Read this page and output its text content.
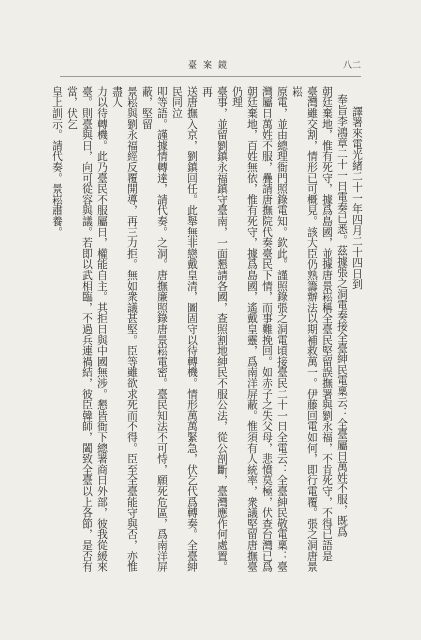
臺案鏡	八二
譯署來電光緒二十一年四月二十四日到
奉旨李鴻章二十一日電奏已悉。茲據張之洞電奏接全臺紳民電稟云：全臺屬日萬姓不服，既爲
朝廷棄地，惟有死守，據爲島國，並據唐景崧稱全臺民堅留誤撫署與劉永福，不肯死守，不得已語是
臺灣雖交割，情形已可概見。該大臣仍熟籌辦法以期補救萬一。伊藤回電如何，即行電覆。張之洞唐景崧
原電，並由總理衙門照錄電知。欽此。謹照錄張之洞電頃接臺民二十一日全電云：全臺紳民敬電稟：臺
灣屬日萬姓不服，疊請唐撫院代奏臺民下情，而事難挽回。如赤子之失父母，悲憤莫極，伏查台灣已爲
朝廷棄地，百姓無依，惟有死守，據爲島國，遙戴皇靈，爲南洋屏蔽。惟須有人統率，衆議堅留唐撫臺仍理
臺事，並留劉鎮永福鎮守臺南，一面懇請各國，查照割地紳民不服公法，從公剖斷，臺灣應作何處置。再
送唐撫入京，劉鎮回任。此舉無非戀戴皇清，圖固守以待轉機。情形萬萬緊急，伏乞代爲轉奏。全臺紳民同泣
叩等語。謹據情轉達，請代奏。之洞。唐撫廉照錄唐景崧電密。臺民知法不可恃，願死危區，爲南洋屏蔽，堅留
景崧與劉永福經反覆開導，再三力拒。無如衆議甚堅。臣等雖欲求死而不得。臣至全臺能守與否，亦惟盡人
力以待轉機。此乃臺民不服屬日，權能自主。其拒日與中國無涉。懇皆衙下總署商日外部，彼我從緩來
臺。則臺與日，向可從容與議。若即以武相臨，不過兵連禍結，彼臣韓師，闔致全臺以上各節，是否有當，伏乞
皇上訓示。請代奏。景崧肅養。
